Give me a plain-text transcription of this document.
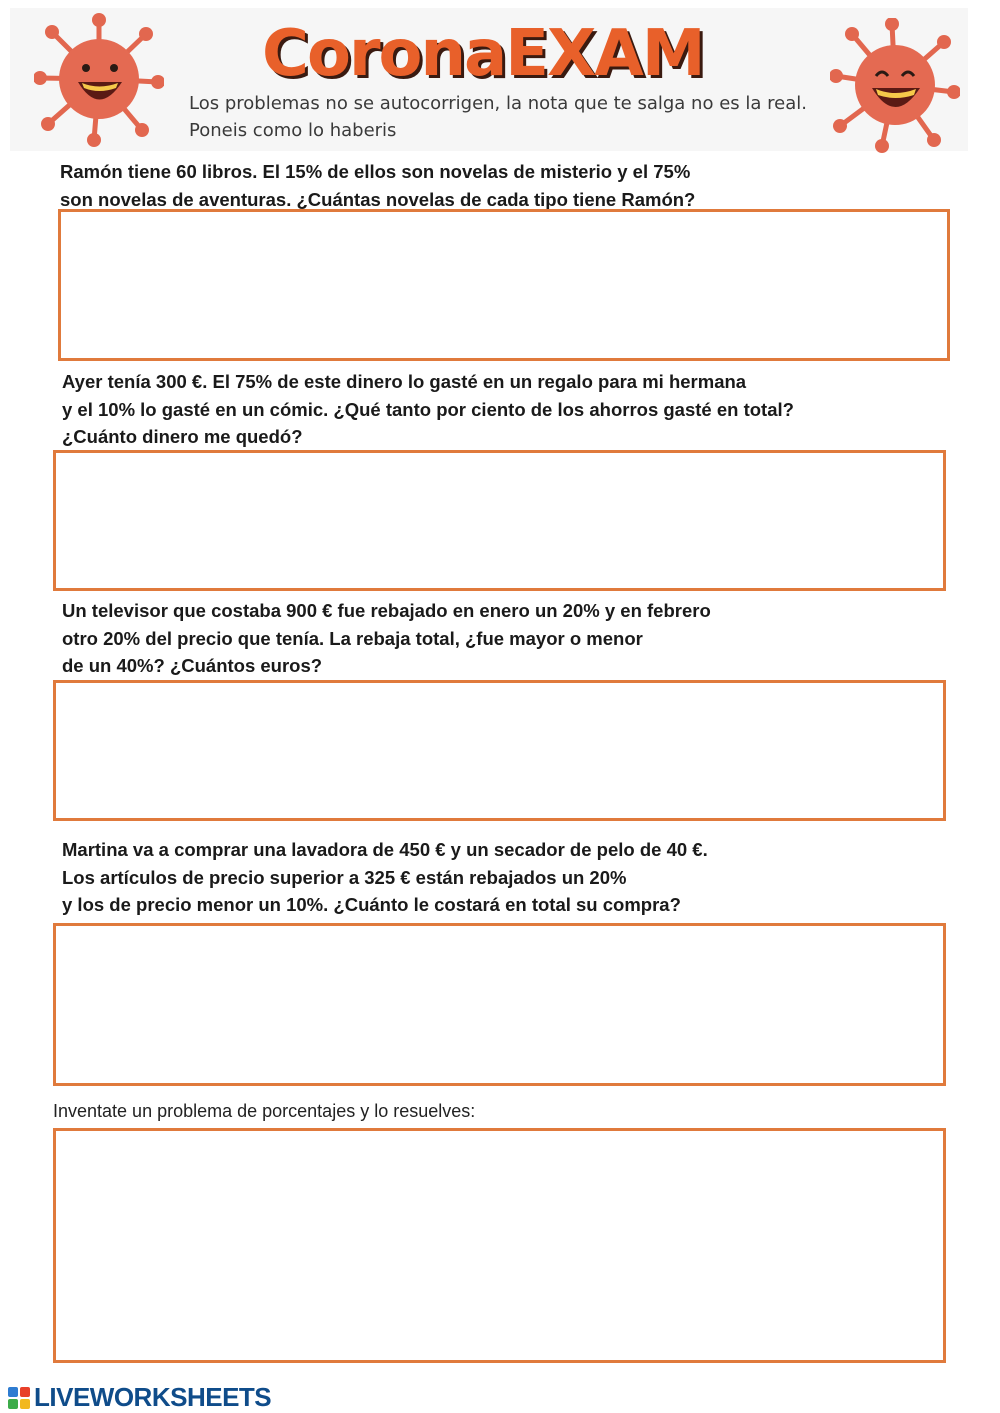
CoronaEXAM
Los problemas no se autocorrigen, la nota que te salga no es la real.
Poneis como lo haberis
Ramón tiene 60 libros. El 15% de ellos son novelas de misterio y el 75%
son novelas de aventuras. ¿Cuántas novelas de cada tipo tiene Ramón?
Ayer tenía 300 €. El 75% de este dinero lo gasté en un regalo para mi hermana
y el 10% lo gasté en un cómic. ¿Qué tanto por ciento de los ahorros gasté en total?
¿Cuánto dinero me quedó?
Un televisor que costaba 900 € fue rebajado en enero un 20% y en febrero
otro 20% del precio que tenía. La rebaja total, ¿fue mayor o menor
de un 40%? ¿Cuántos euros?
Martina va a comprar una lavadora de 450 € y un secador de pelo de 40 €.
Los artículos de precio superior a 325 € están rebajados un 20%
y los de precio menor un 10%. ¿Cuánto le costará en total su compra?
Inventate un problema de porcentajes y lo resuelves:
LIVEWORKSHEETS
